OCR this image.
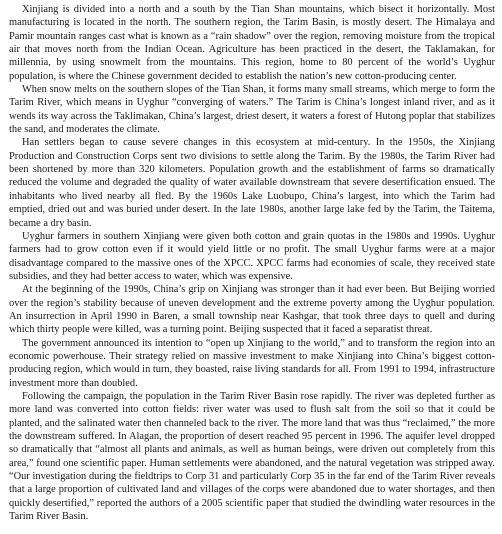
Xinjiang is divided into a north and a south by the Tian Shan mountains, which bisect it horizontally. Most manufacturing is located in the north. The southern region, the Tarim Basin, is mostly desert. The Himalaya and Pamir mountain ranges cast what is known as a “rain shadow” over the region, removing moisture from the tropical air that moves north from the Indian Ocean. Agriculture has been practiced in the desert, the Taklamakan, for millennia, by using snowmelt from the mountains. This region, home to 80 percent of the world’s Uyghur population, is where the Chinese government decided to establish the nation’s new cotton-producing center.

When snow melts on the southern slopes of the Tian Shan, it forms many small streams, which merge to form the Tarim River, which means in Uyghur “converging of waters.” The Tarim is China’s longest inland river, and as it wends its way across the Taklimakan, China’s largest, driest desert, it waters a forest of Hutong poplar that stabilizes the sand, and moderates the climate.

Han settlers began to cause severe changes in this ecosystem at mid-century. In the 1950s, the Xinjiang Production and Construction Corps sent two divisions to settle along the Tarim. By the 1980s, the Tarim River had been shortened by more than 320 kilometers. Population growth and the establishment of farms so dramatically reduced the volume and degraded the quality of water available downstream that severe desertification ensued. The inhabitants who lived nearby all fled. By the 1960s Lake Luobupo, China’s largest, into which the Tarim had emptied, dried out and was buried under desert. In the late 1980s, another large lake fed by the Tarim, the Taitema, became a dry basin.

Uyghur farmers in southern Xinjiang were given both cotton and grain quotas in the 1980s and 1990s. Uyghur farmers had to grow cotton even if it would yield little or no profit. The small Uyghur farms were at a major disadvantage compared to the massive ones of the XPCC. XPCC farms had economies of scale, they received state subsidies, and they had better access to water, which was expensive.

At the beginning of the 1990s, China’s grip on Xinjiang was stronger than it had ever been. But Beijing worried over the region’s stability because of uneven development and the extreme poverty among the Uyghur population. An insurrection in April 1990 in Baren, a small township near Kashgar, that took three days to quell and during which thirty people were killed, was a turning point. Beijing suspected that it faced a separatist threat.

The government announced its intention to “open up Xinjiang to the world,” and to transform the region into an economic powerhouse. Their strategy relied on massive investment to make Xinjiang into China’s biggest cotton-producing region, which would in turn, they boasted, raise living standards for all. From 1991 to 1994, infrastructure investment more than doubled.

Following the campaign, the population in the Tarim River Basin rose rapidly. The river was depleted further as more land was converted into cotton fields: river water was used to flush salt from the soil so that it could be planted, and the salinated water then channeled back to the river. The more land that was thus “reclaimed,” the more the downstream suffered. In Alagan, the proportion of desert reached 95 percent in 1996. The aquifer level dropped so dramatically that “almost all plants and animals, as well as human beings, were driven out completely from this area,” found one scientific paper. Human settlements were abandoned, and the natural vegetation was stripped away. “Our investigation during the fieldtrips to Corp 31 and particularly Corp 35 in the far end of the Tarim River reveals that a large proportion of cultivated land and villages of the corps were abandoned due to water shortages, and then quickly desertified,” reported the authors of a 2005 scientific paper that studied the dwindling water resources in the Tarim River Basin.
